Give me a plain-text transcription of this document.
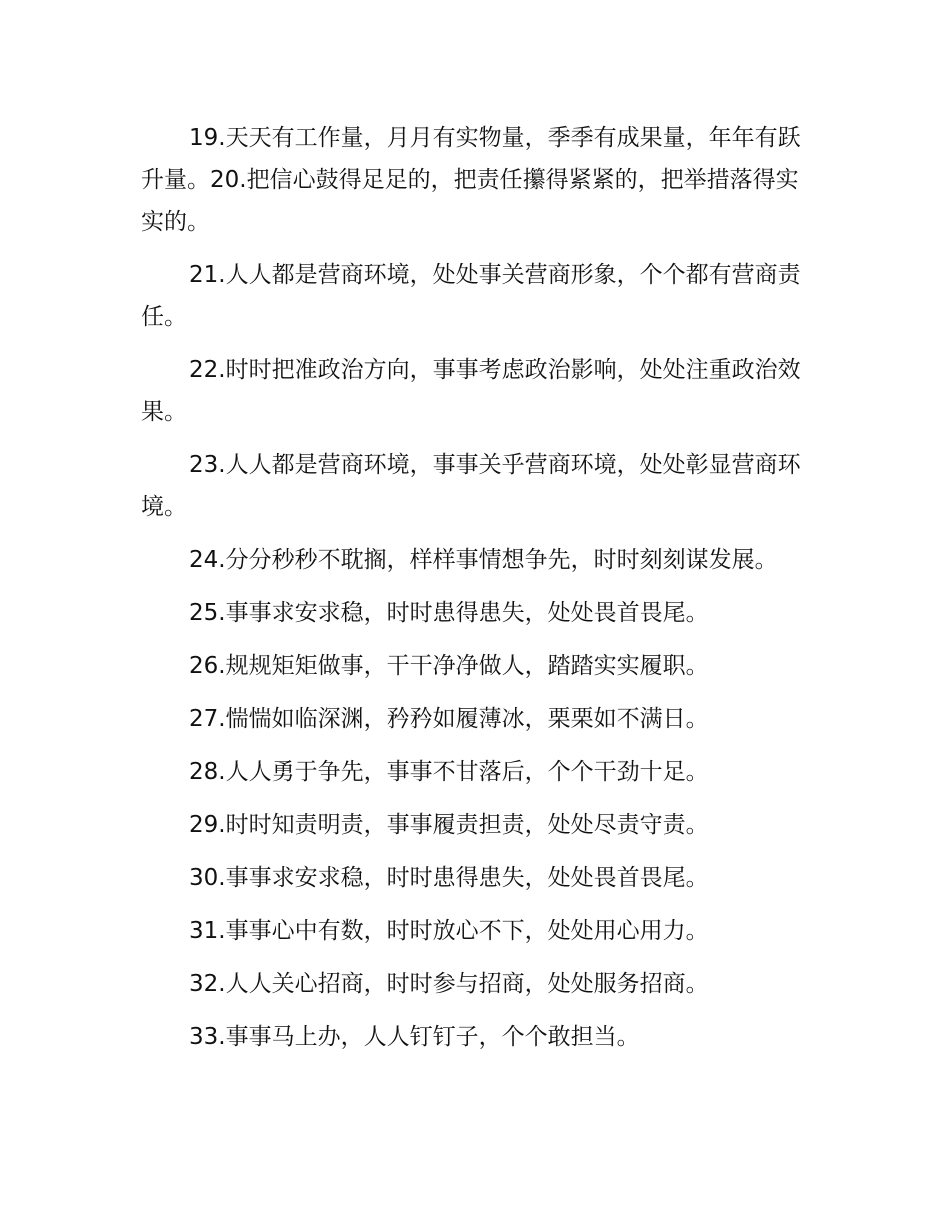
19.天天有工作量，月月有实物量，季季有成果量，年年有跃升量。20.把信心鼓得足足的，把责任攥得紧紧的，把举措落得实实的。

21.人人都是营商环境，处处事关营商形象，个个都有营商责任。

22.时时把准政治方向，事事考虑政治影响，处处注重政治效果。

23.人人都是营商环境，事事关乎营商环境，处处彰显营商环境。

24.分分秒秒不耽搁，样样事情想争先，时时刻刻谋发展。

25.事事求安求稳，时时患得患失，处处畏首畏尾。

26.规规矩矩做事，干干净净做人，踏踏实实履职。

27.惴惴如临深渊，矜矜如履薄冰，栗栗如不满日。

28.人人勇于争先，事事不甘落后，个个干劲十足。

29.时时知责明责，事事履责担责，处处尽责守责。

30.事事求安求稳，时时患得患失，处处畏首畏尾。

31.事事心中有数，时时放心不下，处处用心用力。

32.人人关心招商，时时参与招商，处处服务招商。

33.事事马上办，人人钉钉子，个个敢担当。
